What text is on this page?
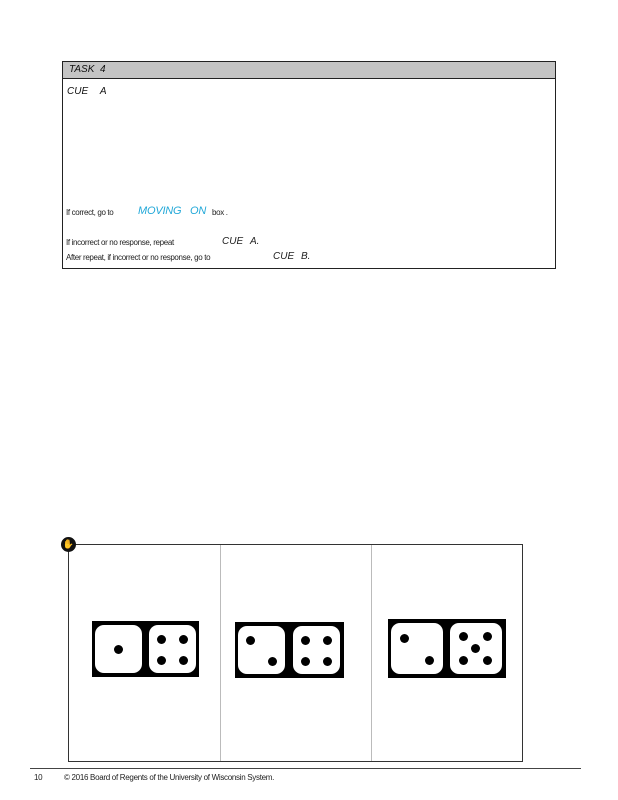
TASK 4
CUE A
If correct, go to MOVING ON box .
If incorrect or no response, repeat	CUE A.
After repeat, if incorrect or no response, go to	CUE B.
✋
10	© 2016 Board of Regents of the University of Wisconsin System.
